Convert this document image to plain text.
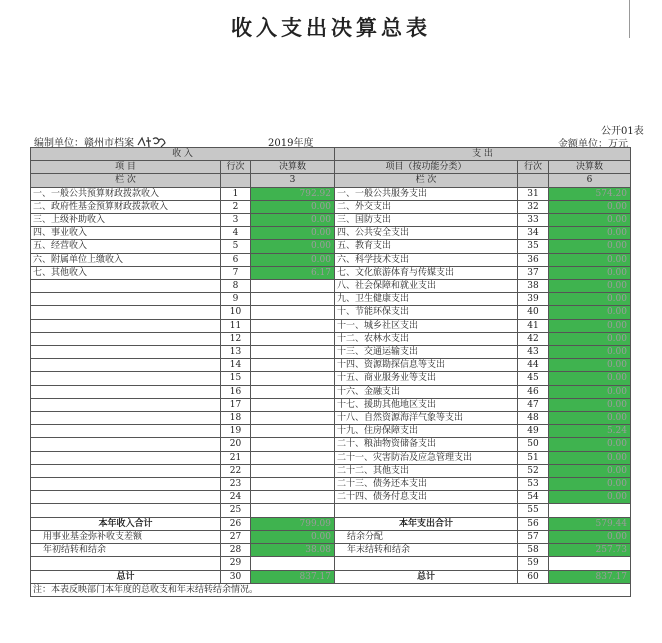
收入支出决算总表
公开01表
编制单位：赣州市档案	2019年度	金额单位：万元
收 入			支 出		
项 目	行次	决算数	项目（按功能分类）	行次	决算数
栏 次		3	栏 次		6
一、一般公共预算财政拨款收入	1	792.92	一、一般公共服务支出	31	574.20
二、政府性基金预算财政拨款收入	2	0.00	二、外交支出	32	0.00
三、上级补助收入	3	0.00	三、国防支出	33	0.00
四、事业收入	4	0.00	四、公共安全支出	34	0.00
五、经营收入	5	0.00	五、教育支出	35	0.00
六、附属单位上缴收入	6	0.00	六、科学技术支出	36	0.00
七、其他收入	7	6.17	七、文化旅游体育与传媒支出	37	0.00
	8		八、社会保障和就业支出	38	0.00
	9		九、卫生健康支出	39	0.00
	10		十、节能环保支出	40	0.00
	11		十一、城乡社区支出	41	0.00
	12		十二、农林水支出	42	0.00
	13		十三、交通运输支出	43	0.00
	14		十四、资源勘探信息等支出	44	0.00
	15		十五、商业服务业等支出	45	0.00
	16		十六、金融支出	46	0.00
	17		十七、援助其他地区支出	47	0.00
	18		十八、自然资源海洋气象等支出	48	0.00
	19		十九、住房保障支出	49	5.24
	20		二十、粮油物资储备支出	50	0.00
	21		二十一、灾害防治及应急管理支出	51	0.00
	22		二十二、其他支出	52	0.00
	23		二十三、债务还本支出	53	0.00
	24		二十四、债务付息支出	54	0.00
	25			55	
本年收入合计	26	799.09	本年支出合计	56	579.44
用事业基金弥补收支差额	27	0.00	结余分配	57	0.00
年初结转和结余	28	38.08	年末结转和结余	58	257.73
	29			59	
总计	30	837.17	总计	60	837.17
注：本表反映部门本年度的总收支和年末结转结余情况。					
